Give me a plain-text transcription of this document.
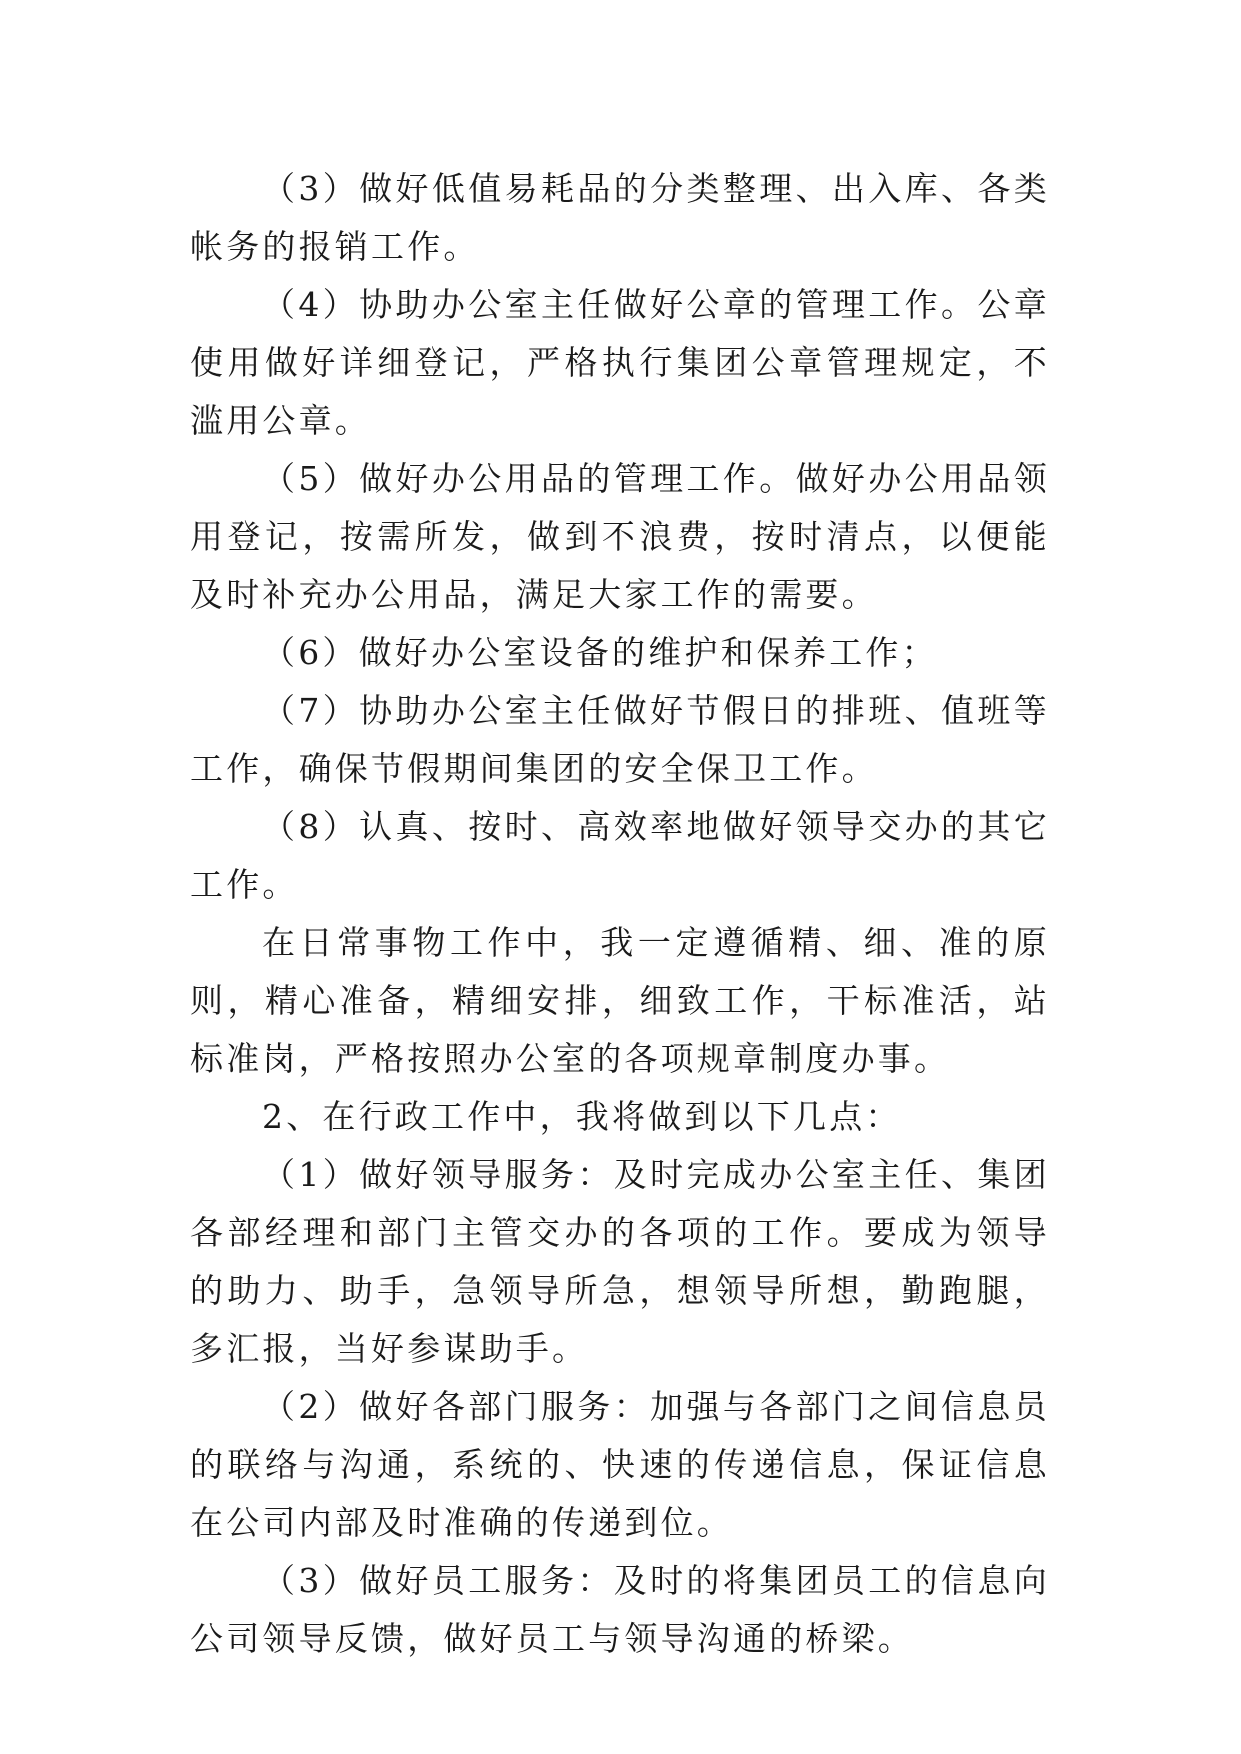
（3）做好低值易耗品的分类整理、出入库、各类帐务的报销工作。

（4）协助办公室主任做好公章的管理工作。公章使用做好详细登记，严格执行集团公章管理规定，不滥用公章。

（5）做好办公用品的管理工作。做好办公用品领用登记，按需所发，做到不浪费，按时清点，以便能及时补充办公用品，满足大家工作的需要。

（6）做好办公室设备的维护和保养工作；

（7）协助办公室主任做好节假日的排班、值班等工作，确保节假期间集团的安全保卫工作。

（8）认真、按时、高效率地做好领导交办的其它工作。

在日常事物工作中，我一定遵循精、细、准的原则，精心准备，精细安排，细致工作，干标准活，站标准岗，严格按照办公室的各项规章制度办事。

2、在行政工作中，我将做到以下几点：

（1）做好领导服务：及时完成办公室主任、集团各部经理和部门主管交办的各项的工作。要成为领导的助力、助手，急领导所急，想领导所想，勤跑腿，多汇报，当好参谋助手。

（2）做好各部门服务：加强与各部门之间信息员的联络与沟通，系统的、快速的传递信息，保证信息在公司内部及时准确的传递到位。

（3）做好员工服务：及时的将集团员工的信息向公司领导反馈，做好员工与领导沟通的桥梁。
